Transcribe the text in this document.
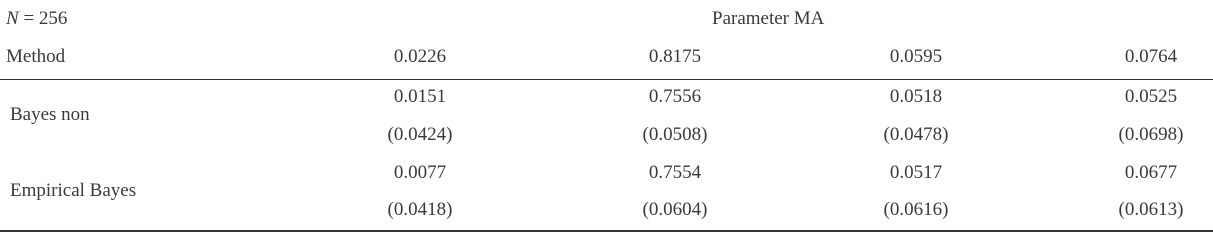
N = 256	Parameter MA
Method	0.0226	0.8175	0.0595	0.0764
Bayes non
0.0151	0.7556	0.0518	0.0525
(0.0424)	(0.0508)	(0.0478)	(0.0698)
Empirical Bayes
0.0077	0.7554	0.0517	0.0677
(0.0418)	(0.0604)	(0.0616)	(0.0613)
